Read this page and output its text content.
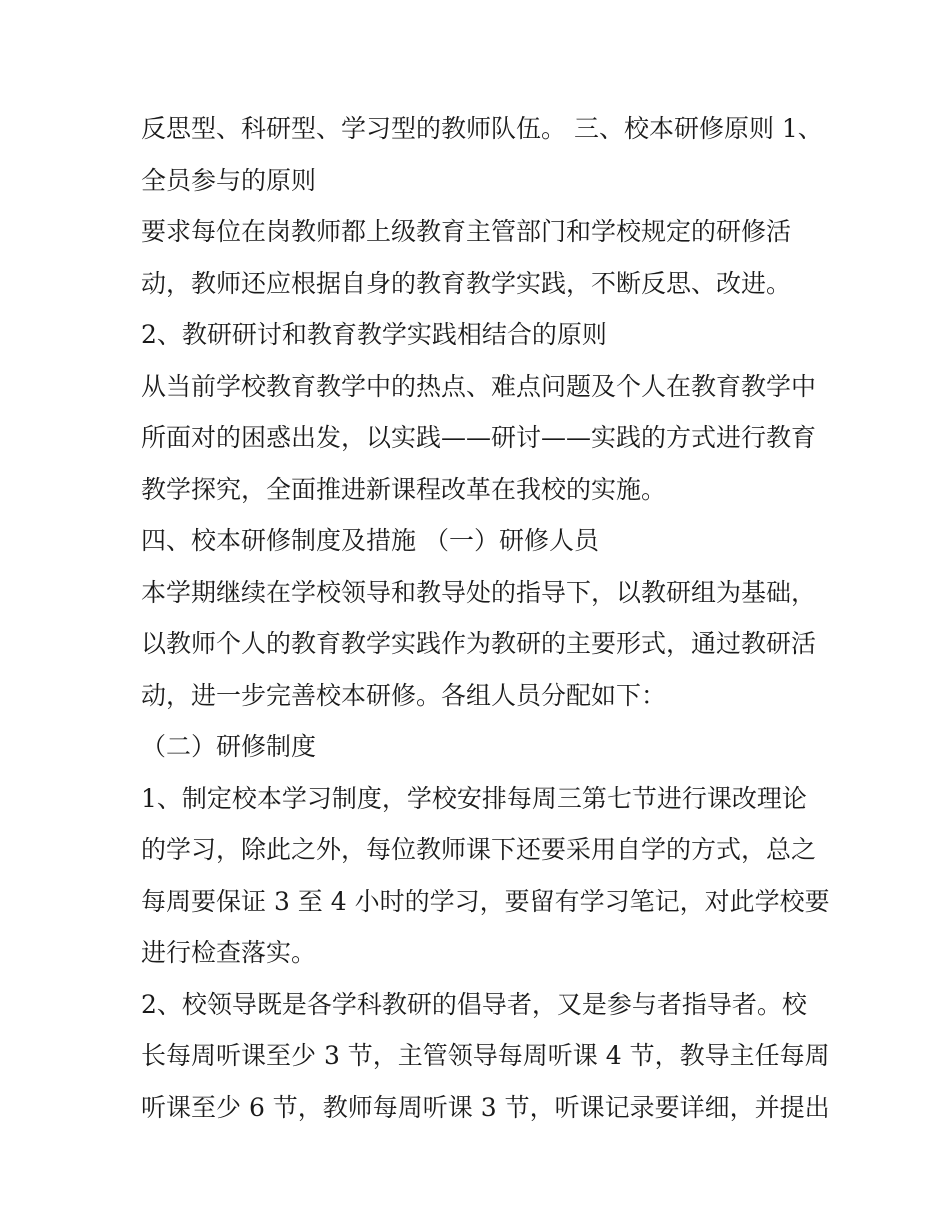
反思型、科研型、学习型的教师队伍。 三、校本研修原则 1、

全员参与的原则

要求每位在岗教师都上级教育主管部门和学校规定的研修活

动，教师还应根据自身的教育教学实践，不断反思、改进。

2、教研研讨和教育教学实践相结合的原则

从当前学校教育教学中的热点、难点问题及个人在教育教学中

所面对的困惑出发，以实践——研讨——实践的方式进行教育

教学探究，全面推进新课程改革在我校的实施。

四、校本研修制度及措施 （一）研修人员

本学期继续在学校领导和教导处的指导下，以教研组为基础，

以教师个人的教育教学实践作为教研的主要形式，通过教研活

动，进一步完善校本研修。各组人员分配如下：

（二）研修制度

1、制定校本学习制度，学校安排每周三第七节进行课改理论

的学习，除此之外，每位教师课下还要采用自学的方式，总之

每周要保证 3 至 4 小时的学习，要留有学习笔记，对此学校要

进行检查落实。

2、校领导既是各学科教研的倡导者，又是参与者指导者。校

长每周听课至少 3 节，主管领导每周听课 4 节，教导主任每周

听课至少 6 节，教师每周听课 3 节，听课记录要详细，并提出
